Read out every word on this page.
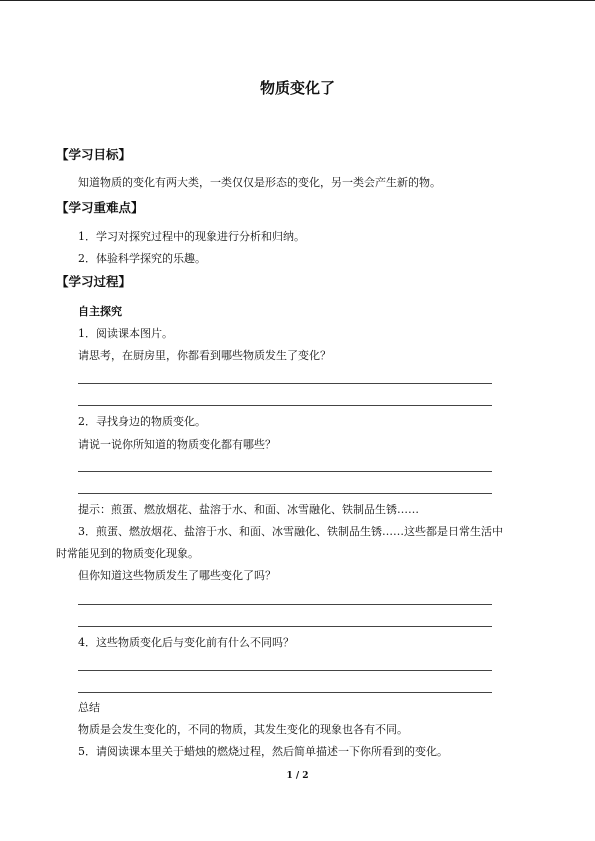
物质变化了
【学习目标】
知道物质的变化有两大类，一类仅仅是形态的变化，另一类会产生新的物。
【学习重难点】
1．学习对探究过程中的现象进行分析和归纳。
2．体验科学探究的乐趣。
【学习过程】
自主探究
1．阅读课本图片。
请思考，在厨房里，你都看到哪些物质发生了变化？
2．寻找身边的物质变化。
请说一说你所知道的物质变化都有哪些？
提示：煎蛋、燃放烟花、盐溶于水、和面、冰雪融化、铁制品生锈……
3．煎蛋、燃放烟花、盐溶于水、和面、冰雪融化、铁制品生锈……这些都是日常生活中
时常能见到的物质变化现象。
但你知道这些物质发生了哪些变化了吗？
4．这些物质变化后与变化前有什么不同吗？
总结
物质是会发生变化的，不同的物质，其发生变化的现象也各有不同。
5．请阅读课本里关于蜡烛的燃烧过程，然后简单描述一下你所看到的变化。
1 / 2
